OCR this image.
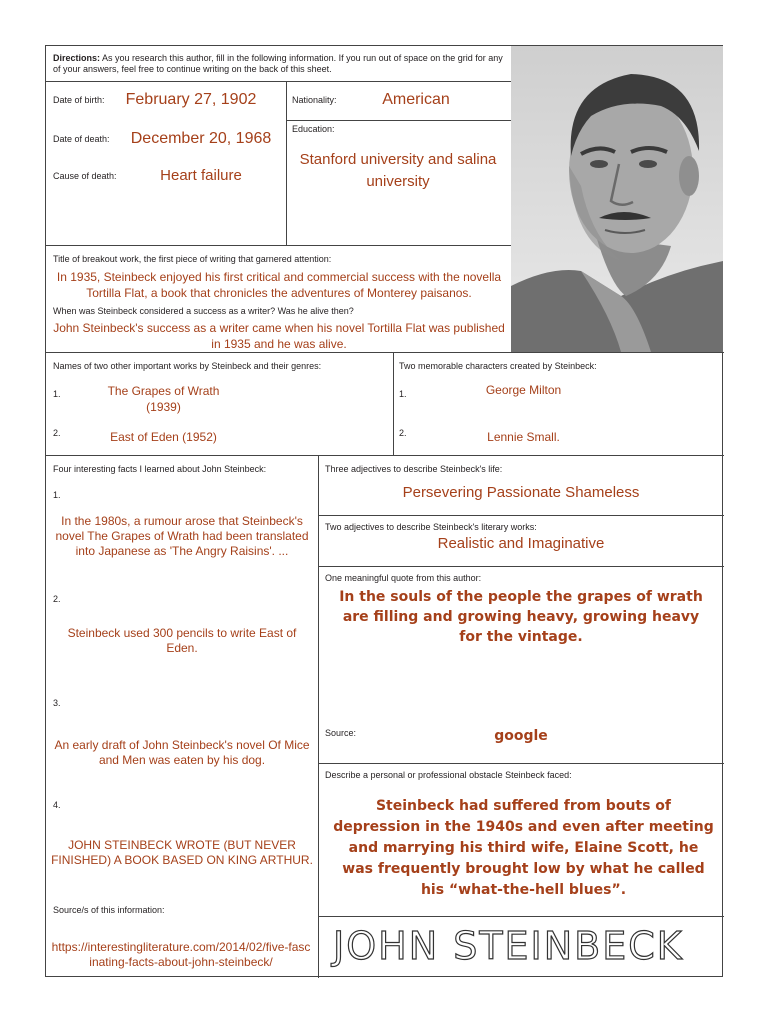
Directions: As you research this author, fill in the following information. If you run out of space on the grid for any of your answers, feel free to continue writing on the back of this sheet.
Date of birth:	February 27, 1902
Date of death:	December 20, 1968
Cause of death:	Heart failure
Nationality:	American
Education:
Stanford university and salina university
Title of breakout work, the first piece of writing that garnered attention:
In 1935, Steinbeck enjoyed his first critical and commercial success with the novella Tortilla Flat, a book that chronicles the adventures of Monterey paisanos.
When was Steinbeck considered a success as a writer? Was he alive then?
John Steinbeck's success as a writer came when his novel Tortilla Flat was published in 1935 and he was alive.
Names of two other important works by Steinbeck and their genres:
1.	The Grapes of Wrath
(1939)
2.	East of Eden (1952)
Two memorable characters created by Steinbeck:
1.	George Milton
2.	Lennie Small.
Four interesting facts I learned about John Steinbeck:
1.
In the 1980s, a rumour arose that Steinbeck's novel The Grapes of Wrath had been translated into Japanese as 'The Angry Raisins'. ...
2.
Steinbeck used 300 pencils to write East of Eden.
3.
An early draft of John Steinbeck's novel Of Mice and Men was eaten by his dog.
4.
JOHN STEINBECK WROTE (BUT NEVER FINISHED) A BOOK BASED ON KING ARTHUR.
Source/s of this information:
https://interestingliterature.com/2014/02/five-fascinating-facts-about-john-steinbeck/
Three adjectives to describe Steinbeck's life:
Persevering Passionate Shameless
Two adjectives to describe Steinbeck's literary works:
Realistic and Imaginative
One meaningful quote from this author:
In the souls of the people the grapes of wrath are filling and growing heavy, growing heavy for the vintage.
Source:	google
Describe a personal or professional obstacle Steinbeck faced:
Steinbeck had suffered from bouts of depression in the 1940s and even after meeting and marrying his third wife, Elaine Scott, he was frequently brought low by what he called his “what-the-hell blues”.
JOHN STEINBECK
